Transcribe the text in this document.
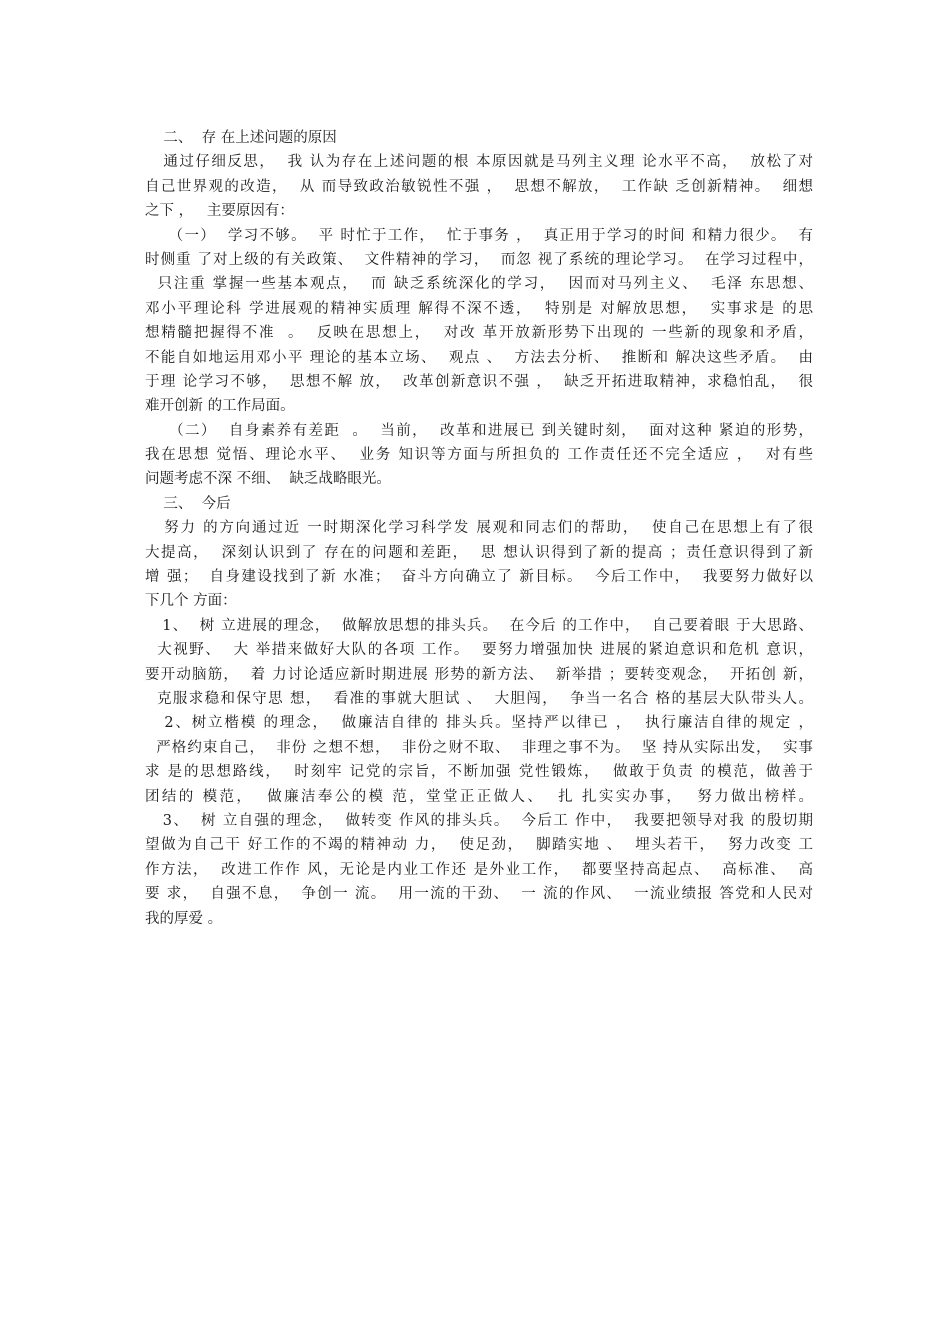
二、  存 在上述问题的原因
通过仔细反思，  我 认为存在上述问题的根 本原因就是马列主义理 论水平不高，  放松了对
自己世界观的改造，  从 而导致政治敏锐性不强 ，  思想不解放，  工作缺 乏创新精神。  细想
之下 ，   主要原因有：
（一）  学习不够。  平 时忙于工作，  忙于事务 ，  真正用于学习的时间 和精力很少。  有
时侧重 了对上级的有关政策、  文件精神的学习，  而忽 视了系统的理论学习。  在学习过程中，
只注重 掌握一些基本观点，  而 缺乏系统深化的学习，  因而对马列主义、  毛泽 东思想、
邓小平理论科 学进展观的精神实质理 解得不深不透，  特别是 对解放思想，  实事求是 的思
想精髓把握得不准  。  反映在思想上，  对改 革开放新形势下出现的 一些新的现象和矛盾，
不能自如地运用邓小平 理论的基本立场、  观点 、  方法去分析、  推断和 解决这些矛盾。  由
于理 论学习不够，  思想不解 放，  改革创新意识不强 ，  缺乏开拓进取精神，求稳怕乱，  很
难开创新 的工作局面。
（二）  自身素养有差距  。  当前，  改革和进展已 到关键时刻，  面对这种 紧迫的形势，
我在思想 觉悟、理论水平、  业务 知识等方面与所担负的 工作责任还不完全适应 ，  对有些
问题考虑不深 不细、  缺乏战略眼光。
三、  今后
努力 的方向通过近 一时期深化学习科学发 展观和同志们的帮助，  使自己在思想上有了很
大提高，  深刻认识到了 存在的问题和差距，  思 想认识得到了新的提高 ；责任意识得到了新
增 强；  自身建设找到了新 水准；  奋斗方向确立了 新目标。  今后工作中，  我要努力做好以
下几个 方面：
1、  树 立进展的理念，  做解放思想的排头兵。  在今后 的工作中，  自己要着眼 于大思路、
大视野、  大 举措来做好大队的各项 工作。  要努力增强加快 进展的紧迫意识和危机 意识，
要开动脑筋，  着 力讨论适应新时期进展 形势的新方法、  新举措 ；要转变观念，  开拓创 新，
克服求稳和保守思 想，  看准的事就大胆试 、  大胆闯，  争当一名合 格的基层大队带头人。
2、树立楷模 的理念，  做廉洁自律的 排头兵。坚持严以律已 ，  执行廉洁自律的规定 ，
严格约束自己，  非份 之想不想，  非份之财不取、  非理之事不为。  坚 持从实际出发，  实事
求 是的思想路线，  时刻牢 记党的宗旨，不断加强 党性锻炼，  做敢于负责 的模范，做善于
团结的 模范，  做廉洁奉公的模 范，堂堂正正做人、  扎 扎实实办事，  努力做出榜样。
3、  树 立自强的理念，  做转变 作风的排头兵。  今后工 作中，  我要把领导对我 的殷切期
望做为自己干 好工作的不竭的精神动 力，  使足劲，  脚踏实地 、  埋头若干，  努力改变 工
作方法，  改进工作作 风，无论是内业工作还 是外业工作，  都要坚持高起点、  高标准、  高
要 求，  自强不息，  争创一 流。  用一流的干劲、  一 流的作风、  一流业绩报 答党和人民对
我的厚爱 。
